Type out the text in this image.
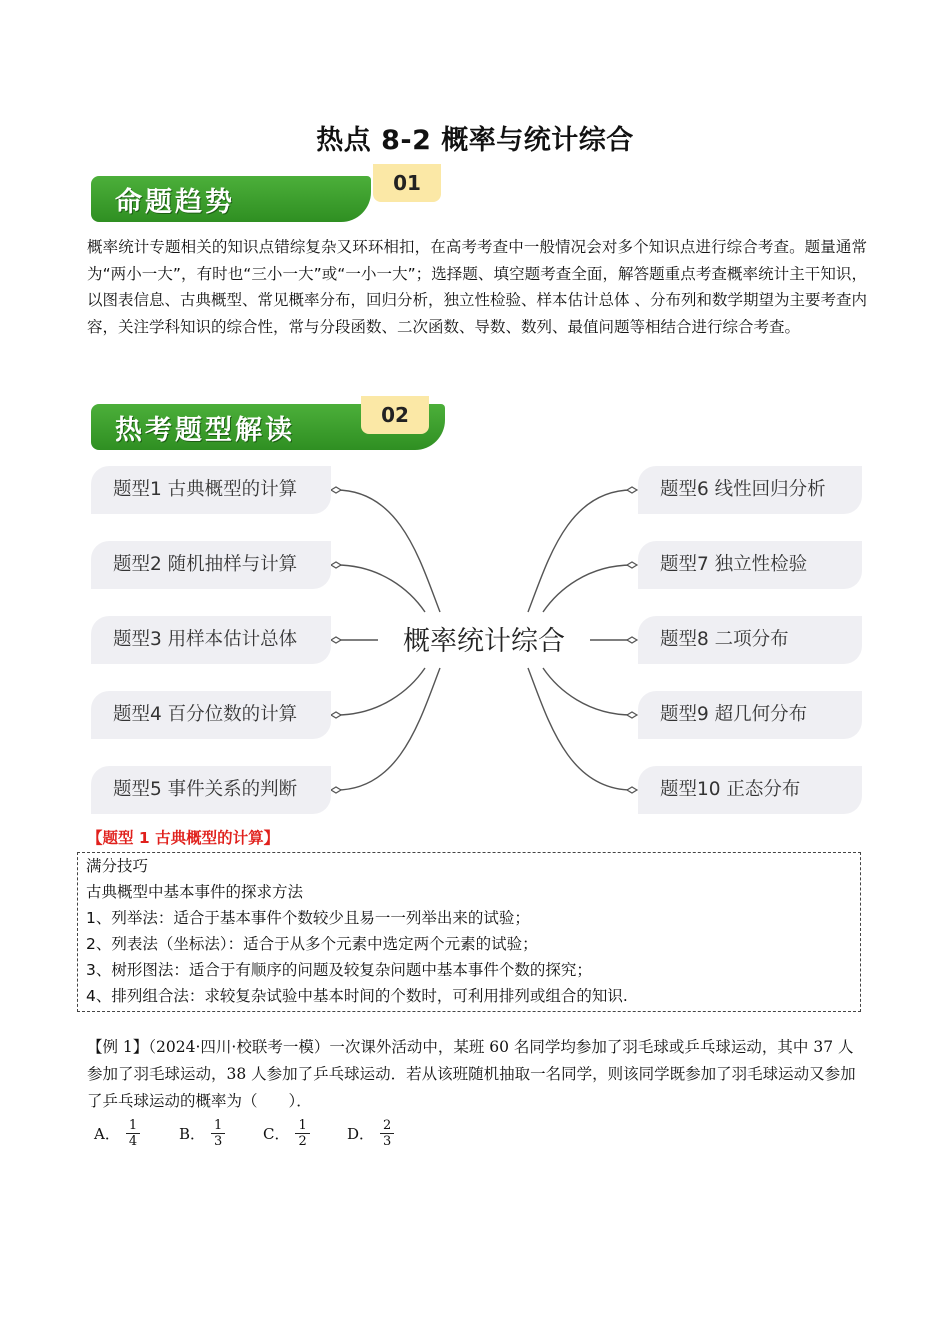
热点 8-2 概率与统计综合
命题趋势
01
概率统计专题相关的知识点错综复杂又环环相扣，在高考考查中一般情况会对多个知识点进行综合考查。题量通常为“两小一大”，有时也“三小一大”或“一小一大”；选择题、填空题考查全面，解答题重点考查概率统计主干知识，以图表信息、古典概型、常见概率分布，回归分析，独立性检验、样本估计总体 、分布列和数学期望为主要考查内容，关注学科知识的综合性，常与分段函数、二次函数、导数、数列、最值问题等相结合进行综合考查。
热考题型解读	02
题型1 古典概型的计算
题型2 随机抽样与计算
题型3 用样本估计总体
题型4 百分位数的计算
题型5 事件关系的判断
题型6 线性回归分析
题型7 独立性检验
题型8 二项分布
题型9 超几何分布
题型10 正态分布
概率统计综合
【题型 1 古典概型的计算】
满分技巧
古典概型中基本事件的探求方法
1、列举法：适合于基本事件个数较少且易一一列举出来的试验；
2、列表法（坐标法）：适合于从多个元素中选定两个元素的试验；
3、树形图法：适合于有顺序的问题及较复杂问题中基本事件个数的探究；
4、排列组合法：求较复杂试验中基本时间的个数时，可利用排列或组合的知识.
【例 1】（2024·四川·校联考一模）一次课外活动中，某班 60 名同学均参加了羽毛球或乒乓球运动，其中 37 人参加了羽毛球运动，38 人参加了乒乓球运动．若从该班随机抽取一名同学，则该同学既参加了羽毛球运动又参加了乒乓球运动的概率为（　　）．
A． $\frac{1}{4}$	B． $\frac{1}{3}$	C． $\frac{1}{2}$ D． $\frac{2}{3}$
